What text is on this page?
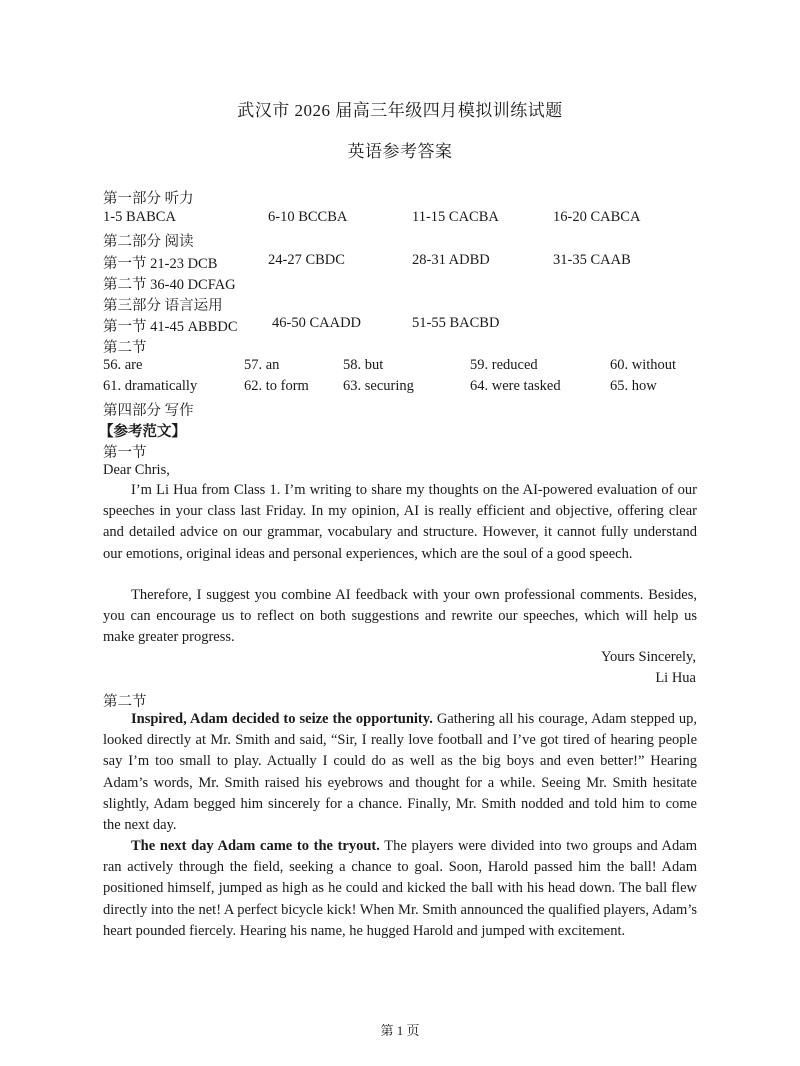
武汉市 2026 届高三年级四月模拟训练试题
英语参考答案
第一部分 听力
1-5 BABCA	6-10 BCCBA	11-15 CACBA	16-20 CABCA
第二部分 阅读
第一节 21-23 DCB	24-27 CBDC	28-31 ADBD	31-35 CAAB
第二节 36-40 DCFAG
第三部分 语言运用
第一节 41-45 ABBDC 46-50 CAADD	51-55 BACBD
第二节
56. are	57. an	58. but	59. reduced	60. without
61. dramatically	62. to form 63. securing	64. were tasked	65. how
第四部分 写作
【参考范文】
第一节
Dear Chris,
I’m Li Hua from Class 1. I’m writing to share my thoughts on the AI-powered evaluation of our speeches in your class last Friday. In my opinion, AI is really efficient and objective, offering clear and detailed advice on our grammar, vocabulary and structure. However, it cannot fully understand our emotions, original ideas and personal experiences, which are the soul of a good speech.
Therefore, I suggest you combine AI feedback with your own professional comments. Besides, you can encourage us to reflect on both suggestions and rewrite our speeches, which will help us make greater progress.
Yours Sincerely,
Li Hua
第二节
Inspired, Adam decided to seize the opportunity. Gathering all his courage, Adam stepped up, looked directly at Mr. Smith and said, “Sir, I really love football and I’ve got tired of hearing people say I’m too small to play. Actually I could do as well as the big boys and even better!” Hearing Adam’s words, Mr. Smith raised his eyebrows and thought for a while. Seeing Mr. Smith hesitate slightly, Adam begged him sincerely for a chance. Finally, Mr. Smith nodded and told him to come the next day.
The next day Adam came to the tryout. The players were divided into two groups and Adam ran actively through the field, seeking a chance to goal. Soon, Harold passed him the ball! Adam positioned himself, jumped as high as he could and kicked the ball with his head down. The ball flew directly into the net! A perfect bicycle kick! When Mr. Smith announced the qualified players, Adam’s heart pounded fiercely. Hearing his name, he hugged Harold and jumped with excitement.
第 1 页
